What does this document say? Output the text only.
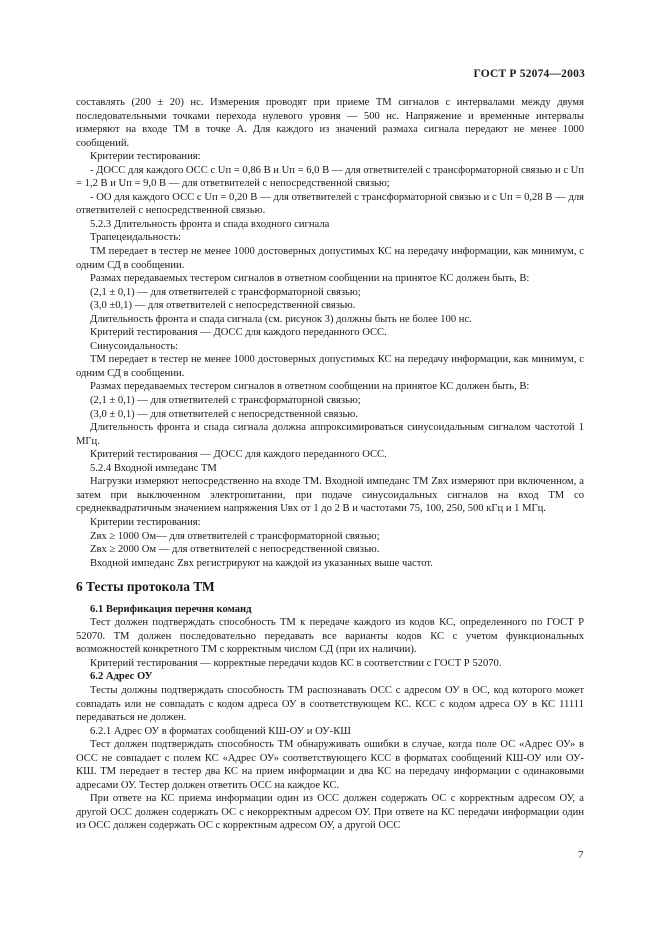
ГОСТ Р 52074—2003

составлять (200 ± 20) нс. Измерения проводят при приеме ТМ сигналов с интервалами между двумя последовательными точками перехода нулевого уровня — 500 нс. Напряжение и временные интервалы измеряют на входе ТМ в точке А. Для каждого из значений размаха сигнала передают не менее 1000 сообщений.

Критерии тестирования:

- ДОСС для каждого ОСС с Uп = 0,86 В и Uп = 6,0 В — для ответвителей с трансформаторной связью и с Uп = 1,2 В и Uп = 9,0 В — для ответвителей с непосредственной связью;

- ОО для каждого ОСС с Uп = 0,20 В — для ответвителей с трансформаторной связью и с Uп = 0,28 В — для ответвителей с непосредственной связью.

5.2.3 Длительность фронта и спада входного сигнала

Трапецеидальность:

ТМ передает в тестер не менее 1000 достоверных допустимых КС на передачу информации, как минимум, с одним СД в сообщении.

Размах передаваемых тестером сигналов в ответном сообщении на принятое КС должен быть, В:

(2,1 ± 0,1) — для ответвителей с трансформаторной связью;

(3,0 ±0,1) — для ответвителей с непосредственной связью.

Длительность фронта и спада сигнала (см. рисунок 3) должны быть не более 100 нс.

Критерий тестирования — ДОСС для каждого переданного ОСС.

Синусоидальность:

ТМ передает в тестер не менее 1000 достоверных допустимых КС на передачу информации, как минимум, с одним СД в сообщении.

Размах передаваемых тестером сигналов в ответном сообщении на принятое КС должен быть, В:

(2,1 ± 0,1) — для ответвителей с трансформаторной связью;

(3,0 ± 0,1) — для ответвителей с непосредственной связью.

Длительность фронта и спада сигнала должна аппроксимироваться синусоидальным сигналом частотой 1 МГц.

Критерий тестирования — ДОСС для каждого переданного ОСС.

5.2.4 Входной импеданс ТМ

Нагрузки измеряют непосредственно на входе ТМ. Входной импеданс ТМ Zвх измеряют при включенном, а затем при выключенном электропитании, при подаче синусоидальных сигналов на вход ТМ со среднеквадратичным значением напряжения Uвх от 1 до 2 В и частотами 75, 100, 250, 500 кГц и 1 МГц.

Критерии тестирования:

Zвх ≥ 1000 Ом— для ответвителей с трансформаторной связью;

Zвх ≥ 2000 Ом — для ответвителей с непосредственной связью.

Входной импеданс Zвх регистрируют на каждой из указанных выше частот.

6 Тесты протокола ТМ

6.1 Верификация перечня команд

Тест должен подтверждать способность ТМ к передаче каждого из кодов КС, определенного по ГОСТ Р 52070. ТМ должен последовательно передавать все варианты кодов КС с учетом функциональных возможностей конкретного ТМ с корректным числом СД (при их наличии).

Критерий тестирования — корректные передачи кодов КС в соответствии с ГОСТ Р 52070.

6.2 Адрес ОУ

Тесты должны подтверждать способность ТМ распознавать ОСС с адресом ОУ в ОС, код которого может совпадать или не совпадать с кодом адреса ОУ в соответствующем КС. КСС с кодом адреса ОУ в КС 11111 передаваться не должен.

6.2.1 Адрес ОУ в форматах сообщений КШ-ОУ и ОУ-КШ

Тест должен подтверждать способность ТМ обнаруживать ошибки в случае, когда поле ОС «Адрес ОУ» в ОСС не совпадает с полем КС «Адрес ОУ» соответствующего КСС в форматах сообщений КШ-ОУ или ОУ-КШ. ТМ передает в тестер два КС на прием информации и два КС на передачу информации с одинаковыми адресами ОУ. Тестер должен ответить ОСС на каждое КС.

При ответе на КС приема информации один из ОСС должен содержать ОС с корректным адресом ОУ, а другой ОСС должен содержать ОС с некорректным адресом ОУ. При ответе на КС передачи информации один из ОСС должен содержать ОС с корректным адресом ОУ, а другой ОСС

7
